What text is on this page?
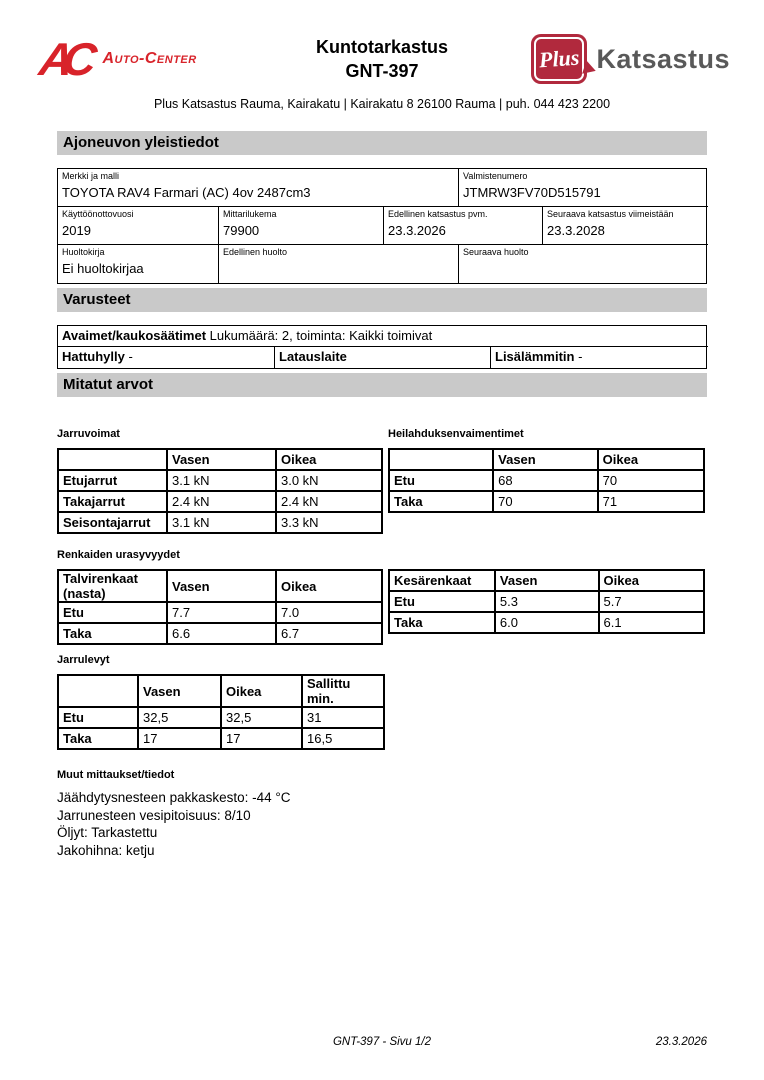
AC Auto-Center
Kuntotarkastus
GNT-397	Plus Katsastus
Plus Katsastus Rauma, Kairakatu | Kairakatu 8 26100 Rauma | puh. 044 423 2200
Ajoneuvon yleistiedot
Merkki ja malli
TOYOTA RAV4 Farmari (AC) 4ov 2487cm3
Valmistenumero
JTMRW3FV70D515791
Käyttöönottovuosi
2019
Mittarilukema
79900
Edellinen katsastus pvm.
23.3.2026
Seuraava katsastus viimeistään
23.3.2028
Huoltokirja
Ei huoltokirjaa
Edellinen huolto	Seuraava huolto
Varusteet
Avaimet/kaukosäätimet Lukumäärä: 2, toiminta: Kaikki toimivat
Hattuhylly -	Latauslaite	Lisälämmitin -
Mitatut arvot
Jarruvoimat
	Vasen	Oikea
Etujarrut	3.1 kN	3.0 kN
Takajarrut	2.4 kN	2.4 kN
Seisontajarrut	3.1 kN	3.3 kN
Heilahduksenvaimentimet
	Vasen	Oikea
Etu	68	70
Taka	70	71
Renkaiden urasyvyydet
Talvirenkaat (nasta)	Vasen	Oikea
Etu	7.7	7.0
Taka	6.6	6.7
Kesärenkaat	Vasen	Oikea
Etu	5.3	5.7
Taka	6.0	6.1
Jarrulevyt
	Vasen	Oikea	Sallittu min.
Etu	32,5	32,5	31
Taka	17	17	16,5
Muut mittaukset/tiedot
Jäähdytysnesteen pakkaskesto: -44 °C
Jarrunesteen vesipitoisuus: 8/10
Öljyt: Tarkastettu
Jakohihna: ketju
GNT-397 - Sivu 1/2	23.3.2026
